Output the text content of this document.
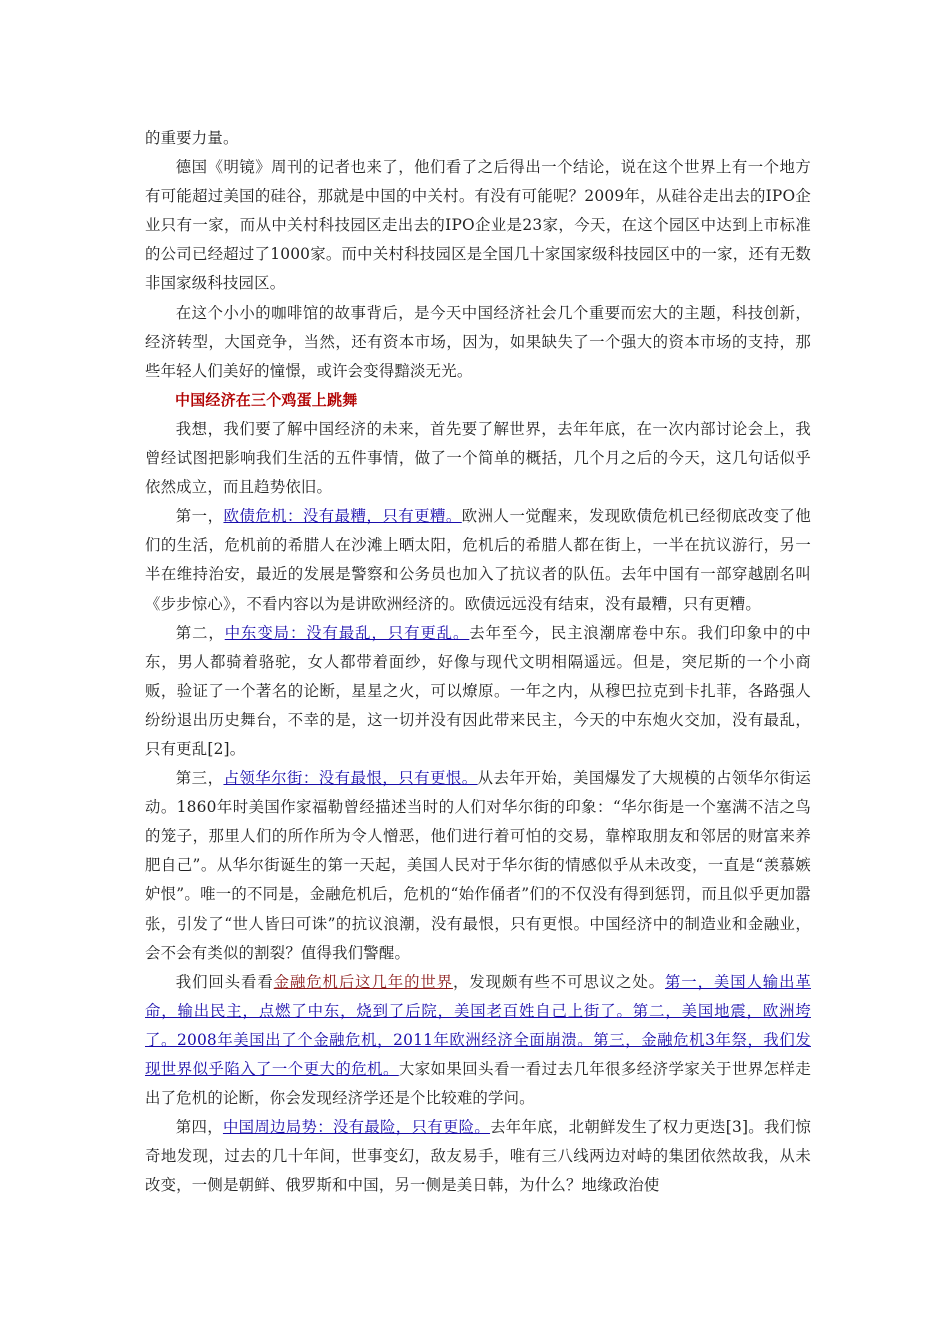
的重要力量。

德国《明镜》周刊的记者也来了，他们看了之后得出一个结论，说在这个世界上有一个地方有可能超过美国的硅谷，那就是中国的中关村。有没有可能呢？2009年，从硅谷走出去的IPO企业只有一家，而从中关村科技园区走出去的IPO企业是23家，今天，在这个园区中达到上市标准的公司已经超过了1000家。而中关村科技园区是全国几十家国家级科技园区中的一家，还有无数非国家级科技园区。

在这个小小的咖啡馆的故事背后，是今天中国经济社会几个重要而宏大的主题，科技创新，经济转型，大国竞争，当然，还有资本市场，因为，如果缺失了一个强大的资本市场的支持，那些年轻人们美好的憧憬，或许会变得黯淡无光。

中国经济在三个鸡蛋上跳舞

我想，我们要了解中国经济的未来，首先要了解世界，去年年底，在一次内部讨论会上，我曾经试图把影响我们生活的五件事情，做了一个简单的概括，几个月之后的今天，这几句话似乎依然成立，而且趋势依旧。

第一，欧债危机：没有最糟，只有更糟。欧洲人一觉醒来，发现欧债危机已经彻底改变了他们的生活，危机前的希腊人在沙滩上晒太阳，危机后的希腊人都在街上，一半在抗议游行，另一半在维持治安，最近的发展是警察和公务员也加入了抗议者的队伍。去年中国有一部穿越剧名叫《步步惊心》，不看内容以为是讲欧洲经济的。欧债远远没有结束，没有最糟，只有更糟。

第二，中东变局：没有最乱，只有更乱。去年至今，民主浪潮席卷中东。我们印象中的中东，男人都骑着骆驼，女人都带着面纱，好像与现代文明相隔遥远。但是，突尼斯的一个小商贩，验证了一个著名的论断，星星之火，可以燎原。一年之内，从穆巴拉克到卡扎菲，各路强人纷纷退出历史舞台，不幸的是，这一切并没有因此带来民主，今天的中东炮火交加，没有最乱，只有更乱[2]。

第三，占领华尔街：没有最恨，只有更恨。从去年开始，美国爆发了大规模的占领华尔街运动。1860年时美国作家福勒曾经描述当时的人们对华尔街的印象：“华尔街是一个塞满不洁之鸟的笼子，那里人们的所作所为令人憎恶，他们进行着可怕的交易，靠榨取朋友和邻居的财富来养肥自己”。从华尔街诞生的第一天起，美国人民对于华尔街的情感似乎从未改变，一直是“羡慕嫉妒恨”。唯一的不同是，金融危机后，危机的“始作俑者”们的不仅没有得到惩罚，而且似乎更加嚣张，引发了“世人皆曰可诛”的抗议浪潮，没有最恨，只有更恨。中国经济中的制造业和金融业，会不会有类似的割裂？值得我们警醒。

我们回头看看金融危机后这几年的世界，发现颇有些不可思议之处。第一，美国人输出革命，输出民主，点燃了中东，烧到了后院，美国老百姓自己上街了。第二，美国地震，欧洲垮了。2008年美国出了个金融危机，2011年欧洲经济全面崩溃。第三，金融危机3年祭，我们发现世界似乎陷入了一个更大的危机。大家如果回头看一看过去几年很多经济学家关于世界怎样走出了危机的论断，你会发现经济学还是个比较难的学问。

第四，中国周边局势：没有最险，只有更险。去年年底，北朝鲜发生了权力更迭[3]。我们惊奇地发现，过去的几十年间，世事变幻，敌友易手，唯有三八线两边对峙的集团依然故我，从未改变，一侧是朝鲜、俄罗斯和中国，另一侧是美日韩，为什么？地缘政治使
